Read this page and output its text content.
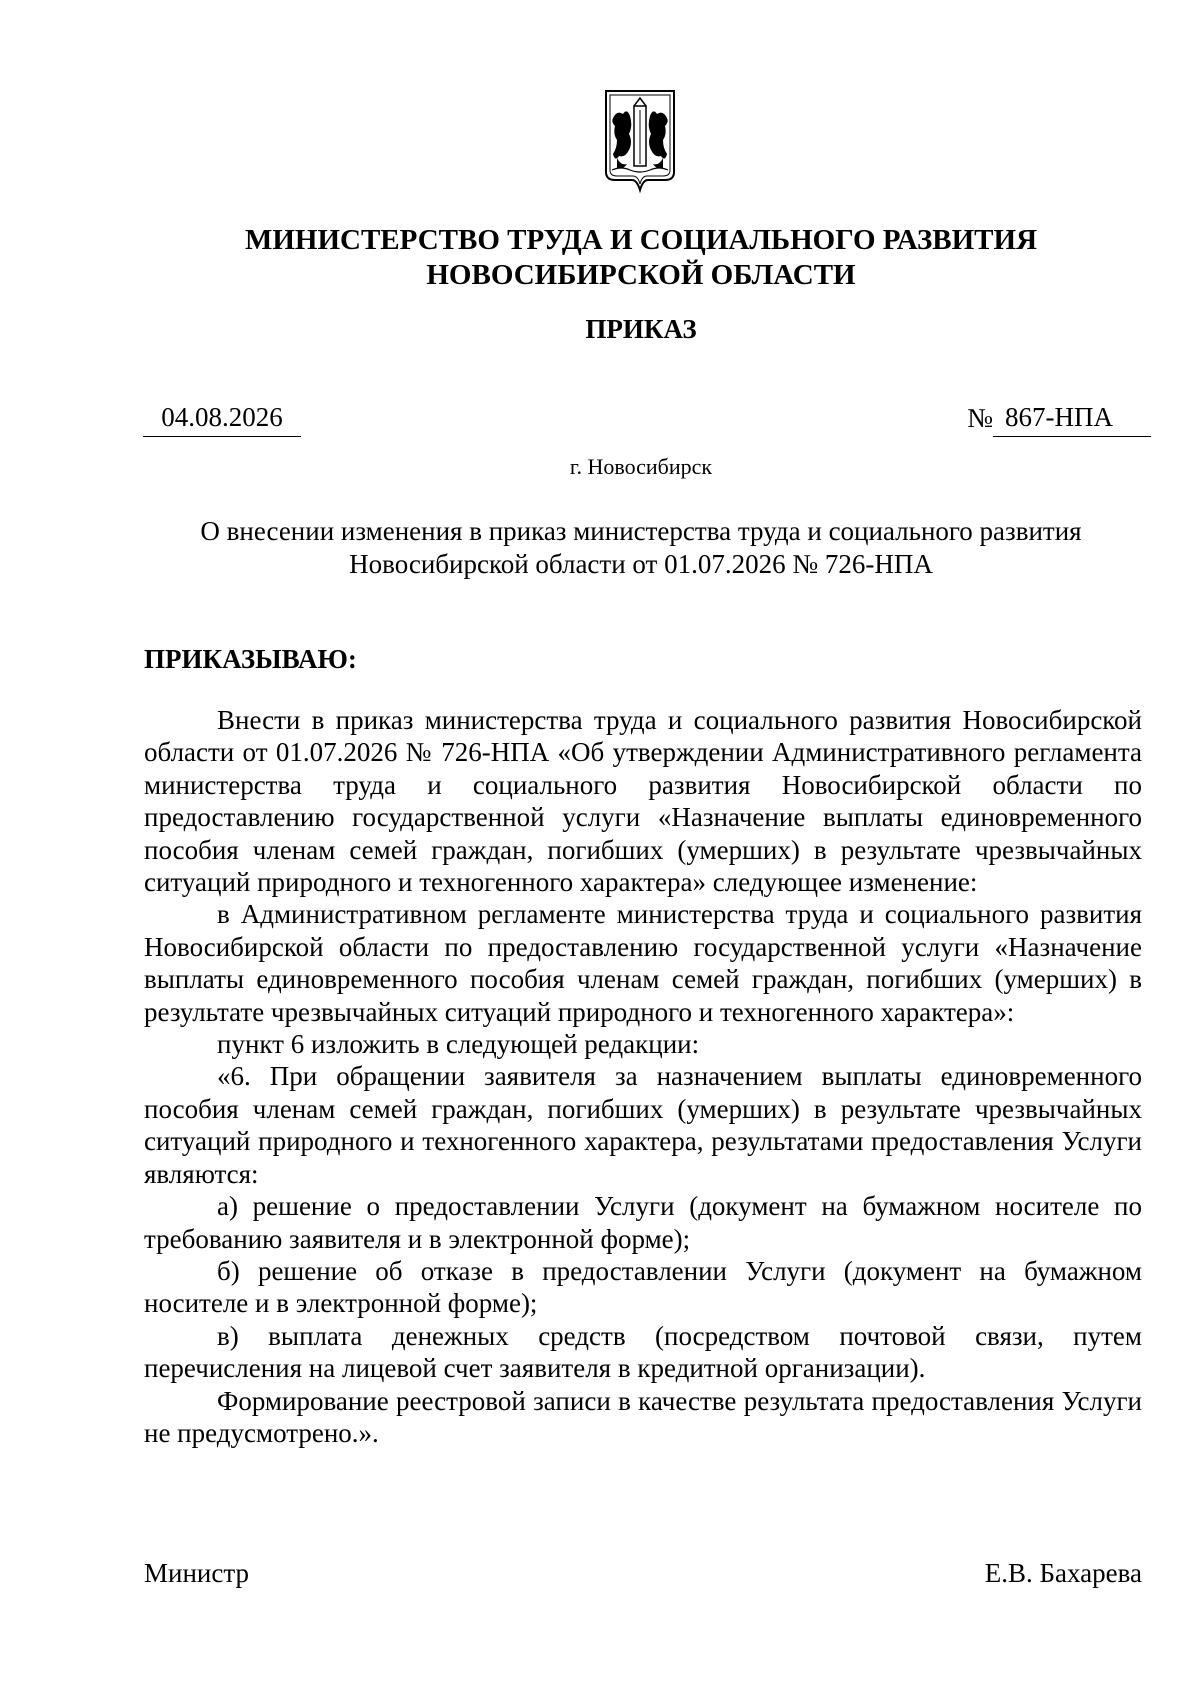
МИНИСТЕРСТВО ТРУДА И СОЦИАЛЬНОГО РАЗВИТИЯ
НОВОСИБИРСКОЙ ОБЛАСТИ
ПРИКАЗ
04.08.2026	№ 867-НПА
г. Новосибирск
О внесении изменения в приказ министерства труда и социального развития
Новосибирской области от 01.07.2026 № 726-НПА
ПРИКАЗЫВАЮ:

Внести в приказ министерства труда и социального развития Новосибирской области от 01.07.2026 № 726-НПА «Об утверждении Административного регламента министерства труда и социального развития Новосибирской области по предоставлению государственной услуги «Назначение выплаты единовременного пособия членам семей граждан, погибших (умерших) в результате чрезвычайных ситуаций природного и техногенного характера» следующее изменение:

в Административном регламенте министерства труда и социального развития Новосибирской области по предоставлению государственной услуги «Назначение выплаты единовременного пособия членам семей граждан, погибших (умерших) в результате чрезвычайных ситуаций природного и техногенного характера»:

пункт 6 изложить в следующей редакции:

«6. При обращении заявителя за назначением выплаты единовременного пособия членам семей граждан, погибших (умерших) в результате чрезвычайных ситуаций природного и техногенного характера, результатами предоставления Услуги являются:

а) решение о предоставлении Услуги (документ на бумажном носителе по требованию заявителя и в электронной форме);

б) решение об отказе в предоставлении Услуги (документ на бумажном носителе и в электронной форме);

в) выплата денежных средств (посредством почтовой связи, путем перечисления на лицевой счет заявителя в кредитной организации).

Формирование реестровой записи в качестве результата предоставления Услуги не предусмотрено.».

Министр	Е.В. Бахарева
